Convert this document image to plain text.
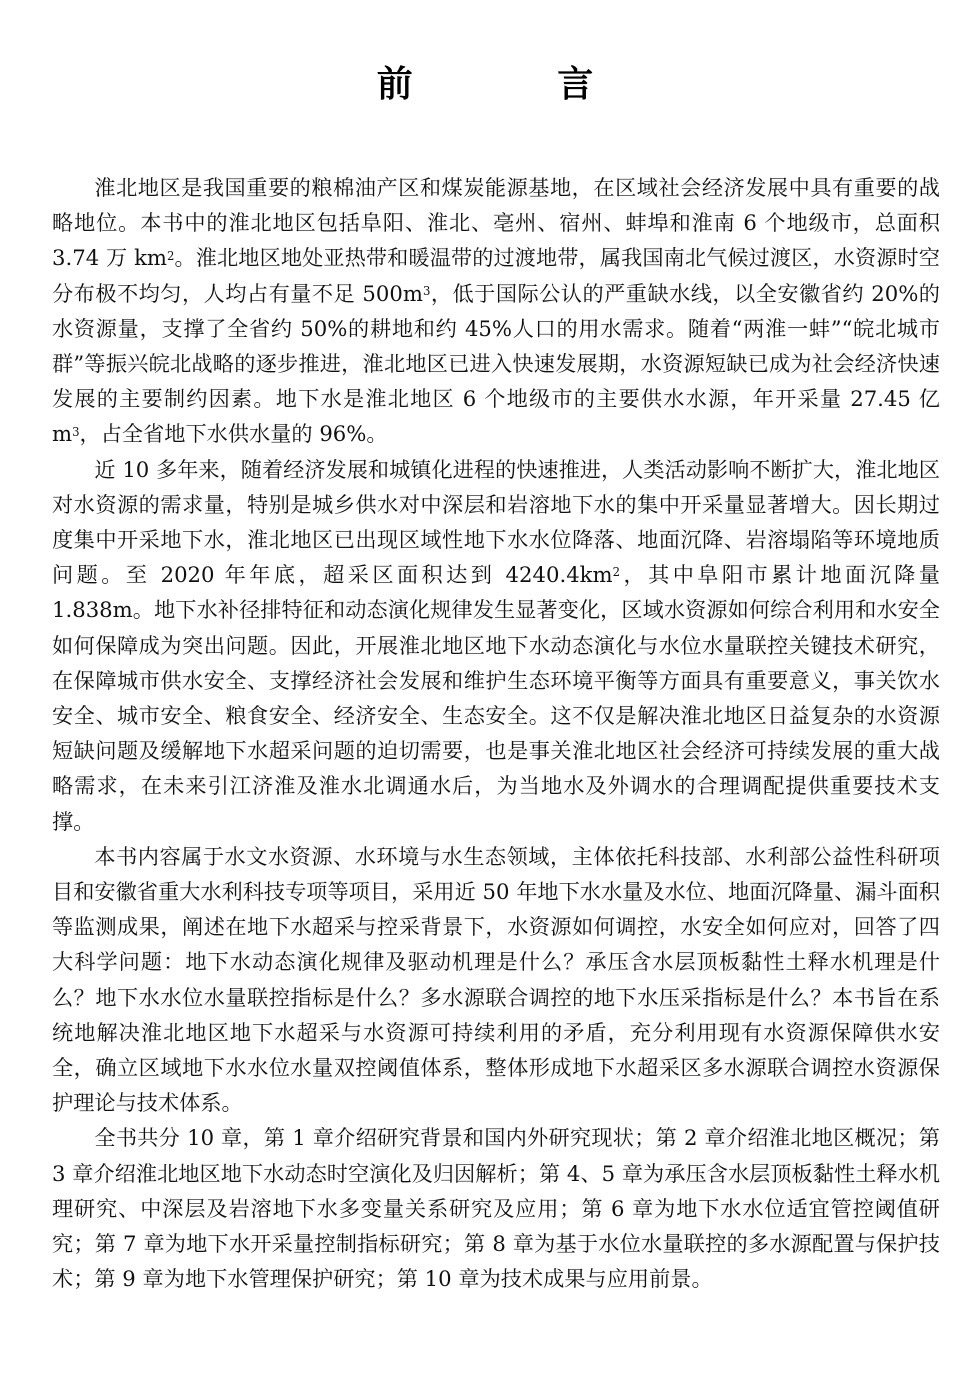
前 言

淮北地区是我国重要的粮棉油产区和煤炭能源基地，在区域社会经济发展中具有重要的战略地位。本书中的淮北地区包括阜阳、淮北、亳州、宿州、蚌埠和淮南 6 个地级市，总面积 3.74 万 $km^2$。淮北地区地处亚热带和暖温带的过渡地带，属我国南北气候过渡区，水资源时空分布极不均匀，人均占有量不足 $500m^3$，低于国际公认的严重缺水线，以全安徽省约 20%的水资源量，支撑了全省约 50%的耕地和约 45%人口的用水需求。随着“两淮一蚌”“皖北城市群”等振兴皖北战略的逐步推进，淮北地区已进入快速发展期，水资源短缺已成为社会经济快速发展的主要制约因素。地下水是淮北地区 6 个地级市的主要供水水源，年开采量 27.45 亿 $m^3$，占全省地下水供水量的 96%。

近 10 多年来，随着经济发展和城镇化进程的快速推进，人类活动影响不断扩大，淮北地区对水资源的需求量，特别是城乡供水对中深层和岩溶地下水的集中开采量显著增大。因长期过度集中开采地下水，淮北地区已出现区域性地下水水位降落、地面沉降、岩溶塌陷等环境地质问题。至 2020 年年底，超采区面积达到 $4240.4km^2$，其中阜阳市累计地面沉降量 1.838m。地下水补径排特征和动态演化规律发生显著变化，区域水资源如何综合利用和水安全如何保障成为突出问题。因此，开展淮北地区地下水动态演化与水位水量联控关键技术研究，在保障城市供水安全、支撑经济社会发展和维护生态环境平衡等方面具有重要意义，事关饮水安全、城市安全、粮食安全、经济安全、生态安全。这不仅是解决淮北地区日益复杂的水资源短缺问题及缓解地下水超采问题的迫切需要，也是事关淮北地区社会经济可持续发展的重大战略需求，在未来引江济淮及淮水北调通水后，为当地水及外调水的合理调配提供重要技术支撑。

本书内容属于水文水资源、水环境与水生态领域，主体依托科技部、水利部公益性科研项目和安徽省重大水利科技专项等项目，采用近 50 年地下水水量及水位、地面沉降量、漏斗面积等监测成果，阐述在地下水超采与控采背景下，水资源如何调控，水安全如何应对，回答了四大科学问题：地下水动态演化规律及驱动机理是什么？承压含水层顶板黏性土释水机理是什么？地下水水位水量联控指标是什么？多水源联合调控的地下水压采指标是什么？本书旨在系统地解决淮北地区地下水超采与水资源可持续利用的矛盾，充分利用现有水资源保障供水安全，确立区域地下水水位水量双控阈值体系，整体形成地下水超采区多水源联合调控水资源保护理论与技术体系。

全书共分 10 章，第 1 章介绍研究背景和国内外研究现状；第 2 章介绍淮北地区概况；第 3 章介绍淮北地区地下水动态时空演化及归因解析；第 4、5 章为承压含水层顶板黏性土释水机理研究、中深层及岩溶地下水多变量关系研究及应用；第 6 章为地下水水位适宜管控阈值研究；第 7 章为地下水开采量控制指标研究；第 8 章为基于水位水量联控的多水源配置与保护技术；第 9 章为地下水管理保护研究；第 10 章为技术成果与应用前景。
